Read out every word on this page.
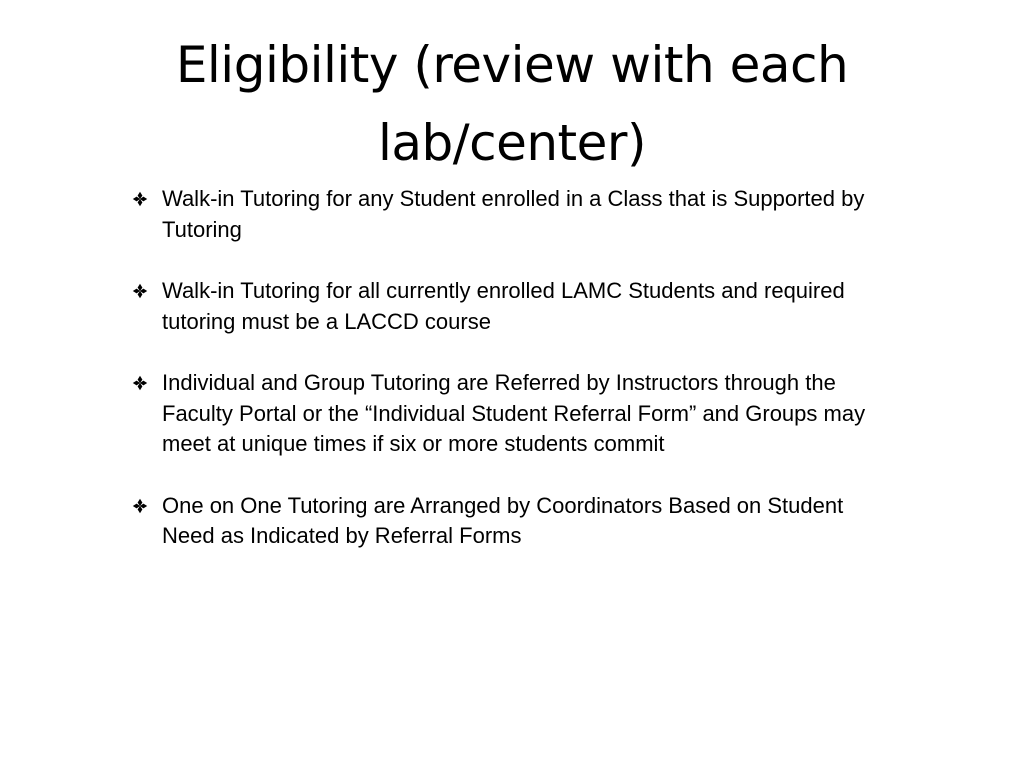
Eligibility (review with each lab/center)
Walk-in Tutoring for any Student enrolled in a Class that is Supported by Tutoring
Walk-in Tutoring for all currently enrolled LAMC Students and required tutoring must be a LACCD course
Individual and Group Tutoring are Referred by Instructors through the Faculty Portal or the “Individual Student Referral Form” and Groups may meet at unique times if six or more students commit
One on One Tutoring are Arranged by Coordinators Based on Student Need as Indicated by Referral Forms
